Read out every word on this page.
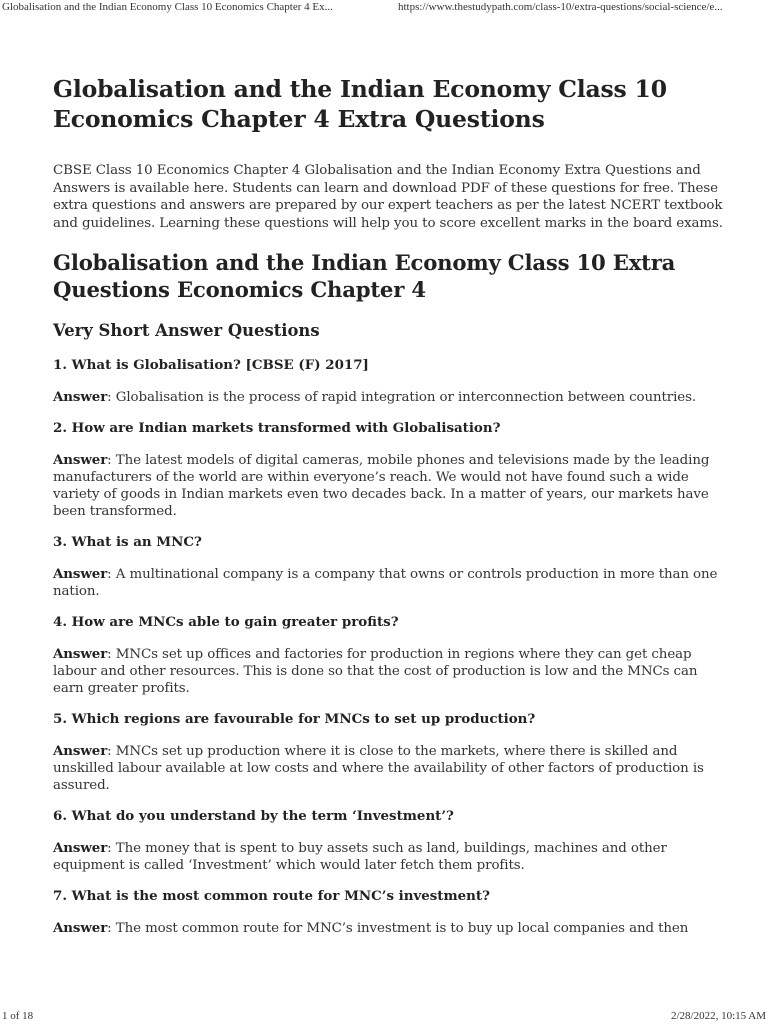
Globalisation and the Indian Economy Class 10 Economics Chapter 4 Ex...	https://www.thestudypath.com/class-10/extra-questions/social-science/e...
Globalisation and the Indian Economy Class 10 Economics Chapter 4 Extra Questions

CBSE Class 10 Economics Chapter 4 Globalisation and the Indian Economy Extra Questions and Answers is available here. Students can learn and download PDF of these questions for free. These extra questions and answers are prepared by our expert teachers as per the latest NCERT textbook and guidelines. Learning these questions will help you to score excellent marks in the board exams.

Globalisation and the Indian Economy Class 10 Extra Questions Economics Chapter 4
Very Short Answer Questions

1. What is Globalisation? [CBSE (F) 2017]

Answer: Globalisation is the process of rapid integration or interconnection between countries.

2. How are Indian markets transformed with Globalisation?

Answer: The latest models of digital cameras, mobile phones and televisions made by the leading manufacturers of the world are within everyone’s reach. We would not have found such a wide variety of goods in Indian markets even two decades back. In a matter of years, our markets have been transformed.

3. What is an MNC?

Answer: A multinational company is a company that owns or controls production in more than one nation.

4. How are MNCs able to gain greater profits?

Answer: MNCs set up offices and factories for production in regions where they can get cheap labour and other resources. This is done so that the cost of production is low and the MNCs can earn greater profits.

5. Which regions are favourable for MNCs to set up production?

Answer: MNCs set up production where it is close to the markets, where there is skilled and unskilled labour available at low costs and where the availability of other factors of production is assured.

6. What do you understand by the term ‘Investment’?

Answer: The money that is spent to buy assets such as land, buildings, machines and other equipment is called ‘Investment’ which would later fetch them profits.

7. What is the most common route for MNC’s investment?

Answer: The most common route for MNC’s investment is to buy up local companies and then

1 of 18	2/28/2022, 10:15 AM
